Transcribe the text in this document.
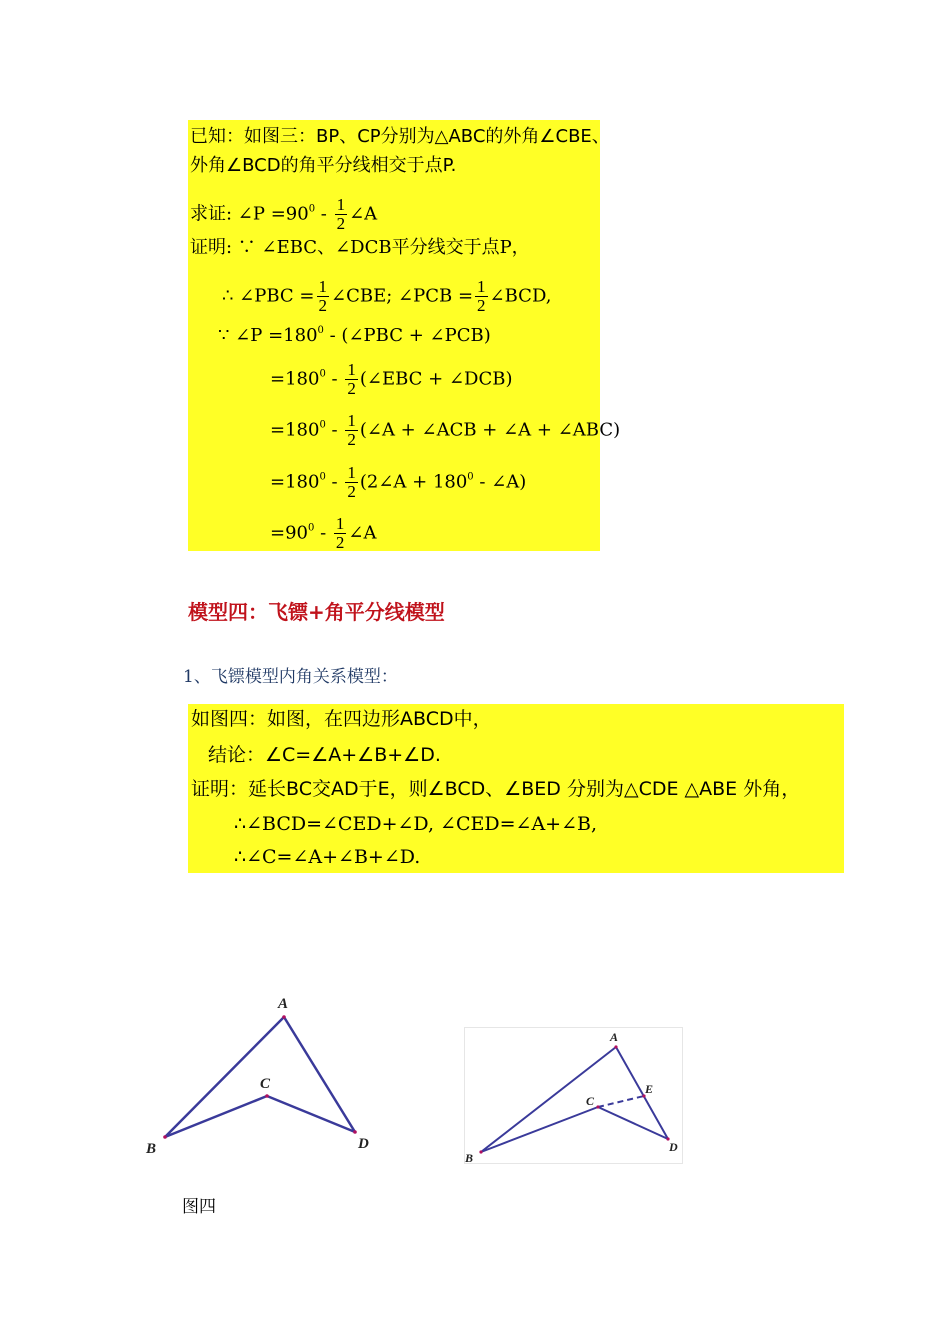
已知：如图三：BP、CP分别为△ABC的外角∠CBE、
外角∠BCD的角平分线相交于点P.
求证: ∠P $=90^0 - \frac{1}{2}$ ∠A
证明: ∵ ∠EBC、∠DCB平分线交于点P，
∴ ∠PBC = $\frac{1}{2}$ ∠CBE; ∠PCB = $\frac{1}{2}$ ∠BCD,
∵ ∠P $=180^0$ - (∠PBC + ∠PCB)
$=180^0 - \frac{1}{2}$ (∠EBC + ∠DCB)
$=180^0 - \frac{1}{2}$ (∠A + ∠ACB + ∠A + ∠ABC)
$=180^0 - \frac{1}{2}$ (2∠A + $180^0$ - ∠A)
$=90^0 - \frac{1}{2}$ ∠A
模型四：飞镖+角平分线模型
1、飞镖模型内角关系模型：
如图四：如图，在四边形ABCD中，
结论：∠C=∠A+∠B+∠D.
证明：延长BC交AD于E，则∠BCD、∠BED 分别为△CDE △ABE 外角，
∴∠BCD=∠CED+∠D, ∠CED=∠A+∠B,
∴∠C=∠A+∠B+∠D.
A
B
C
D
A
B
C
D
E
图四
